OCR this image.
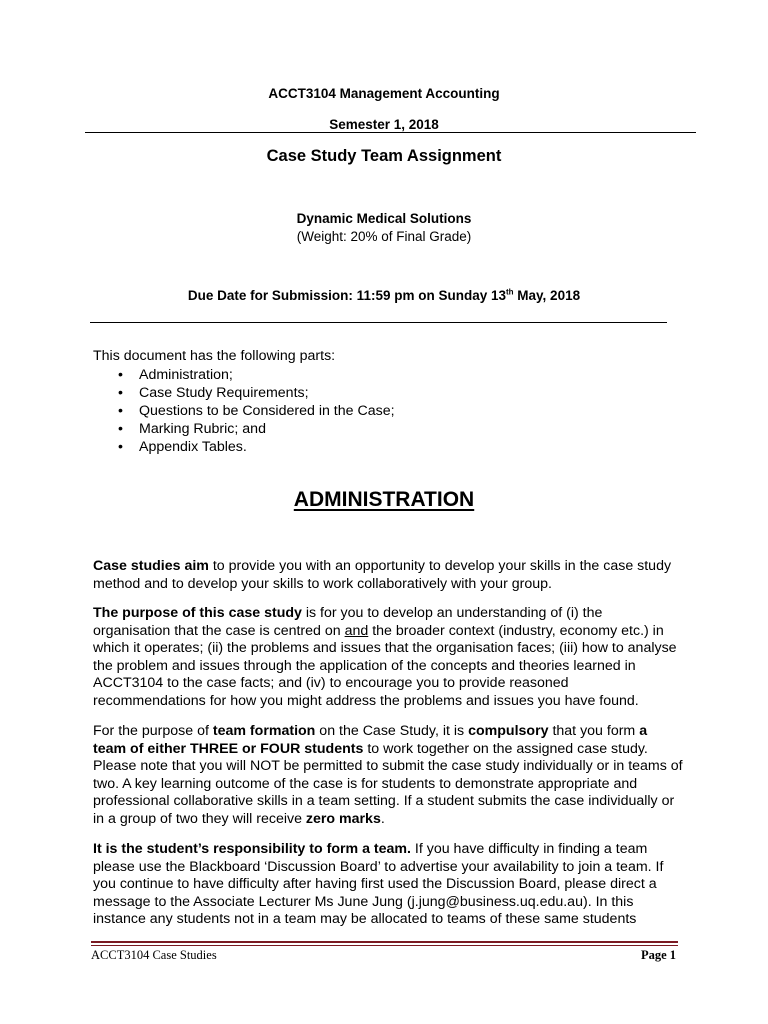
ACCT3104 Management Accounting
Semester 1, 2018
Case Study Team Assignment
Dynamic Medical Solutions
(Weight: 20% of Final Grade)
Due Date for Submission: 11:59 pm on Sunday 13th May, 2018
This document has the following parts:
• Administration;
• Case Study Requirements;
• Questions to be Considered in the Case;
• Marking Rubric; and
• Appendix Tables.
ADMINISTRATION

Case studies aim to provide you with an opportunity to develop your skills in the case study method and to develop your skills to work collaboratively with your group.

The purpose of this case study is for you to develop an understanding of (i) the organisation that the case is centred on and the broader context (industry, economy etc.) in which it operates; (ii) the problems and issues that the organisation faces; (iii) how to analyse the problem and issues through the application of the concepts and theories learned in ACCT3104 to the case facts; and (iv) to encourage you to provide reasoned recommendations for how you might address the problems and issues you have found.

For the purpose of team formation on the Case Study, it is compulsory that you form a team of either THREE or FOUR students to work together on the assigned case study. Please note that you will NOT be permitted to submit the case study individually or in teams of two. A key learning outcome of the case is for students to demonstrate appropriate and professional collaborative skills in a team setting. If a student submits the case individually or in a group of two they will receive zero marks.

It is the student’s responsibility to form a team. If you have difficulty in finding a team please use the Blackboard ‘Discussion Board’ to advertise your availability to join a team. If you continue to have difficulty after having first used the Discussion Board, please direct a message to the Associate Lecturer Ms June Jung (j.jung@business.uq.edu.au). In this instance any students not in a team may be allocated to teams of these same students

ACCT3104 Case Studies	Page 1
